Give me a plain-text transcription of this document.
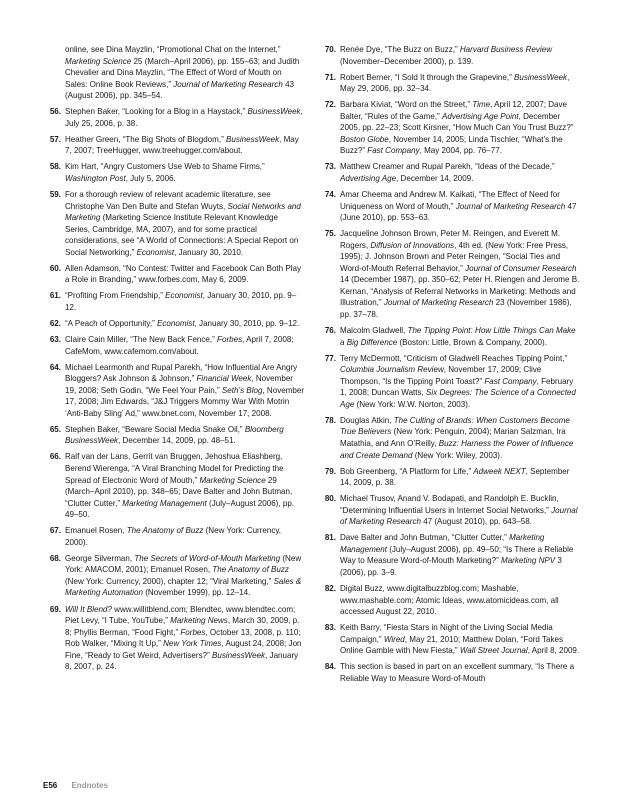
online, see Dina Mayzlin, “Promotional Chat on the Internet,” Marketing Science 25 (March–April 2006), pp. 155–63; and Judith Chevalier and Dina Mayzlin, “The Effect of Word of Mouth on Sales: Online Book Reviews,” Journal of Marketing Research 43 (August 2006), pp. 345–54.
56. Stephen Baker, “Looking for a Blog in a Haystack,” BusinessWeek, July 25, 2006, p. 38.
57. Heather Green, “The Big Shots of Blogdom,” BusinessWeek, May 7, 2007; TreeHugger, www.treehugger.com/about.
58. Kim Hart, “Angry Customers Use Web to Shame Firms,” Washington Post, July 5, 2006.
59. For a thorough review of relevant academic literature, see Christophe Van Den Bulte and Stefan Wuyts, Social Networks and Marketing (Marketing Science Institute Relevant Knowledge Series, Cambridge, MA, 2007), and for some practical considerations, see “A World of Connections: A Special Report on Social Networking,” Economist, January 30, 2010.
60. Allen Adamson, “No Contest: Twitter and Facebook Can Both Play a Role in Branding,” www.forbes.com, May 6, 2009.
61. “Profiting From Friendship,” Economist, January 30, 2010, pp. 9–12.
62. “A Peach of Opportunity,” Economist, January 30, 2010, pp. 9–12.
63. Claire Cain Miller, “The New Back Fence,” Forbes, April 7, 2008; CafeMom, www.cafemom.com/about.
64. Michael Learmonth and Rupal Parekh, “How Influential Are Angry Bloggers? Ask Johnson & Johnson,” Financial Week, November 19, 2008; Seth Godin, “We Feel Your Pain,” Seth’s Blog, November 17, 2008; Jim Edwards, “J&J Triggers Mommy War With Motrin ‘Anti-Baby Sling’ Ad,” www.bnet.com, November 17, 2008.
65. Stephen Baker, “Beware Social Media Snake Oil,” Bloomberg BusinessWeek, December 14, 2009, pp. 48–51.
66. Ralf van der Lans, Gerrit van Bruggen, Jehoshua Eliashberg, Berend Wierenga, “A Viral Branching Model for Predicting the Spread of Electronic Word of Mouth,” Marketing Science 29 (March–April 2010), pp. 348–65; Dave Balter and John Butman, “Clutter Cutter,” Marketing Management (July–August 2006), pp. 49–50.
67. Emanuel Rosen, The Anatomy of Buzz (New York: Currency, 2000).
68. George Silverman, The Secrets of Word-of-Mouth Marketing (New York: AMACOM, 2001); Emanuel Rosen, The Anatomy of Buzz (New York: Currency, 2000), chapter 12; “Viral Marketing,” Sales & Marketing Automation (November 1999), pp. 12–14.
69. Will It Blend? www.willitblend.com; Blendtec, www.blendtec.com; Piet Levy, “I Tube, YouTube,” Marketing News, March 30, 2009, p. 8; Phyllis Berman, “Food Fight,” Forbes, October 13, 2008, p. 110; Rob Walker, “Mixing It Up,” New York Times, August 24, 2008; Jon Fine, “Ready to Get Weird, Advertisers?” BusinessWeek, January 8, 2007, p. 24.
70. Renée Dye, “The Buzz on Buzz,” Harvard Business Review (November–December 2000), p. 139.
71. Robert Berner, “I Sold It through the Grapevine,” BusinessWeek, May 29, 2006, pp. 32–34.
72. Barbara Kiviat, “Word on the Street,” Time, April 12, 2007; Dave Balter, “Rules of the Game,” Advertising Age Point, December 2005, pp. 22–23; Scott Kirsner, “How Much Can You Trust Buzz?” Boston Globe, November 14, 2005; Linda Tischler, “What’s the Buzz?” Fast Company, May 2004, pp. 76–77.
73. Matthew Creamer and Rupal Parekh, “Ideas of the Decade,” Advertising Age, December 14, 2009.
74. Amar Cheema and Andrew M. Kaikati, “The Effect of Need for Uniqueness on Word of Mouth,” Journal of Marketing Research 47 (June 2010), pp. 553–63.
75. Jacqueline Johnson Brown, Peter M. Reingen, and Everett M. Rogers, Diffusion of Innovations, 4th ed. (New York: Free Press, 1995); J. Johnson Brown and Peter Reingen, “Social Ties and Word-of-Mouth Referral Behavior,” Journal of Consumer Research 14 (December 1987), pp. 350–62; Peter H. Riengen and Jerome B. Kernan, “Analysis of Referral Networks in Marketing: Methods and Illustration,” Journal of Marketing Research 23 (November 1986), pp. 37–78.
76. Malcolm Gladwell, The Tipping Point: How Little Things Can Make a Big Difference (Boston: Little, Brown & Company, 2000).
77. Terry McDermott, “Criticism of Gladwell Reaches Tipping Point,” Columbia Journalism Review, November 17, 2009; Clive Thompson, “Is the Tipping Point Toast?” Fast Company, February 1, 2008; Duncan Watts, Six Degrees: The Science of a Connected Age (New York: W.W. Norton, 2003).
78. Douglas Atkin, The Culting of Brands: When Customers Become True Believers (New York: Penguin, 2004); Marian Salzman, Ira Matathia, and Ann O’Reilly, Buzz: Harness the Power of Influence and Create Demand (New York: Wiley, 2003).
79. Bob Greenberg, “A Platform for Life,” Adweek NEXT, September 14, 2009, p. 38.
80. Michael Trusov, Anand V. Bodapati, and Randolph E. Bucklin, “Determining Influential Users in Internet Social Networks,” Journal of Marketing Research 47 (August 2010), pp. 643–58.
81. Dave Balter and John Butman, “Clutter Cutter,” Marketing Management (July–August 2006), pp. 49–50; “Is There a Reliable Way to Measure Word-of-Mouth Marketing?” Marketing NPV 3 (2006), pp. 3–9.
82. Digital Buzz, www.digitalbuzzblog.com; Mashable, www.mashable.com; Atomic Ideas, www.atomicideas.com, all accessed August 22, 2010.
83. Keith Barry, “Fiesta Stars in Night of the Living Social Media Campaign,” Wired, May 21, 2010; Matthew Dolan, “Ford Takes Online Gamble with New Fiesta,” Wall Street Journal, April 8, 2009.
84. This section is based in part on an excellent summary, “Is There a Reliable Way to Measure Word-of-Mouth
E56 Endnotes
